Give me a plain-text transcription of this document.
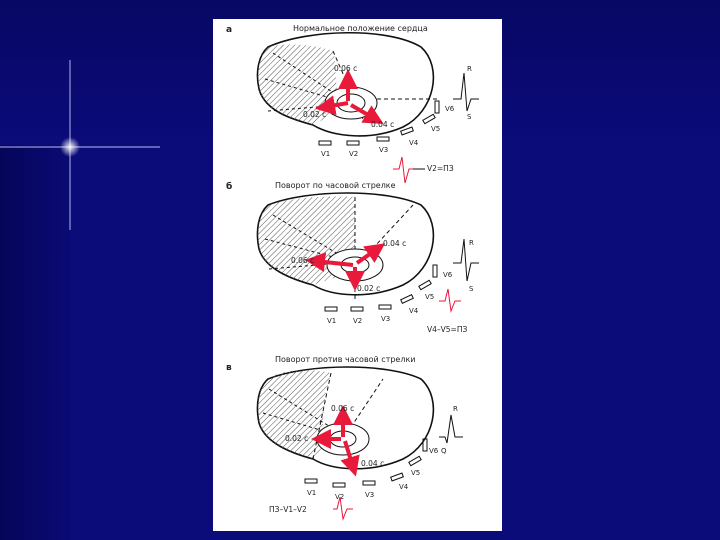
а	Нормальное положение сердца
0.06 с
0.02 с
0.04 с
V1	V2	V3
V4
V5
V6
R
S
V2=ПЗ
б	Поворот по часовой стрелке
0.04 с
0.06 с
0.02 с
V1 V2	V3
V4
V5
V6
R
S
V4–V5=ПЗ
в
Поворот против часовой стрелки
0.06 с
0.02 с
0.04 с
V1	V2	V3
V4
V5
V6
R
Q
ПЗ–V1–V2
